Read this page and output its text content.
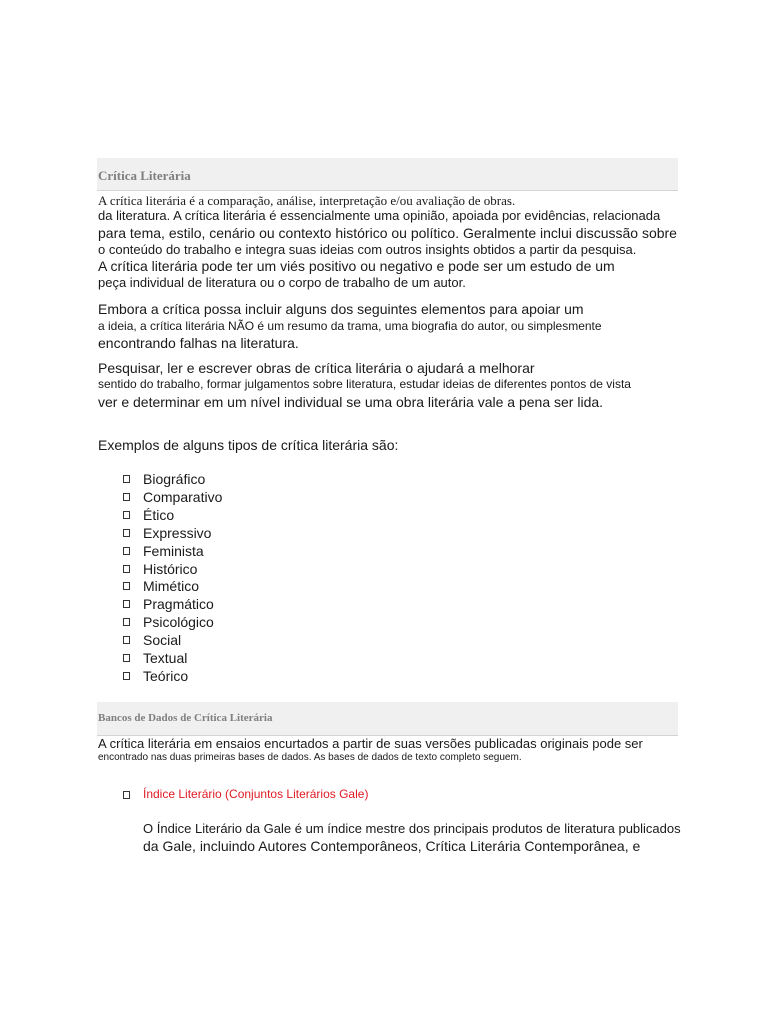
Crítica Literária
A crítica literária é a comparação, análise, interpretação e/ou avaliação de obras.
da literatura. A crítica literária é essencialmente uma opinião, apoiada por evidências, relacionada
para tema, estilo, cenário ou contexto histórico ou político. Geralmente inclui discussão sobre
o conteúdo do trabalho e integra suas ideias com outros insights obtidos a partir da pesquisa.
A crítica literária pode ter um viés positivo ou negativo e pode ser um estudo de um
peça individual de literatura ou o corpo de trabalho de um autor.
Embora a crítica possa incluir alguns dos seguintes elementos para apoiar um
a ideia, a crítica literária NÃO é um resumo da trama, uma biografia do autor, ou simplesmente
encontrando falhas na literatura.
Pesquisar, ler e escrever obras de crítica literária o ajudará a melhorar
sentido do trabalho, formar julgamentos sobre literatura, estudar ideias de diferentes pontos de vista
ver e determinar em um nível individual se uma obra literária vale a pena ser lida.
Exemplos de alguns tipos de crítica literária são:
Biográfico
Comparativo
Ético
Expressivo
Feminista
Histórico
Mimético
Pragmático
Psicológico
Social
Textual
Teórico
Bancos de Dados de Crítica Literária
A crítica literária em ensaios encurtados a partir de suas versões publicadas originais pode ser
encontrado nas duas primeiras bases de dados. As bases de dados de texto completo seguem.
Índice Literário (Conjuntos Literários Gale)
O Índice Literário da Gale é um índice mestre dos principais produtos de literatura publicados
da Gale, incluindo Autores Contemporâneos, Crítica Literária Contemporânea, e
